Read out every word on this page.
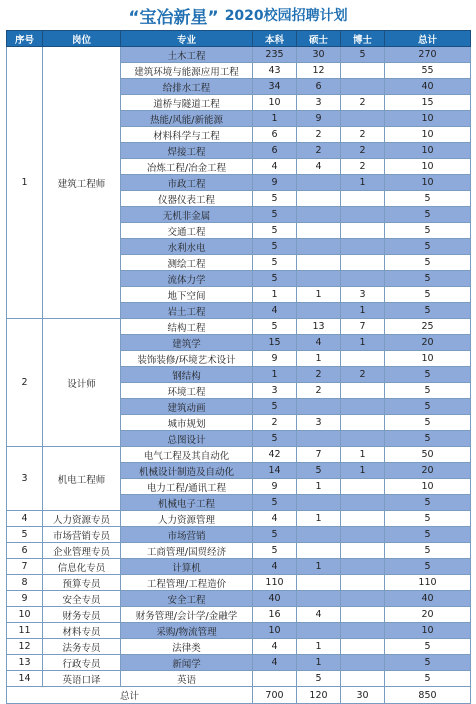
“宝冶新星” 2020校园招聘计划
序号	岗位	专业	本科	硕士	博士	总计
1	建筑工程师	土木工程	235	30	5	270
		建筑环境与能源应用工程	43	12		55
		给排水工程	34	6		40
		道桥与隧道工程	10	3	2	15
		热能/风能/新能源	1	9		10
		材料科学与工程	6	2	2	10
		焊接工程	6	2	2	10
		冶炼工程/冶金工程	4	4	2	10
		市政工程	9		1	10
		仪器仪表工程	5			5
		无机非金属	5			5
		交通工程	5			5
		水利水电	5			5
		测绘工程	5			5
		流体力学	5			5
		地下空间	1	1	3	5
		岩土工程	4		1	5
2	设计师	结构工程	5	13	7	25
		建筑学	15	4	1	20
		装饰装修/环境艺术设计	9	1		10
		钢结构	1	2	2	5
		环境工程	3	2		5
		建筑动画	5			5
		城市规划	2	3		5
		总图设计	5			5
3	机电工程师	电气工程及其自动化	42	7	1	50
		机械设计制造及自动化	14	5	1	20
		电力工程/通讯工程	9	1		10
		机械电子工程	5			5
4	人力资源专员	人力资源管理	4	1		5
5	市场营销专员	市场营销	5			5
6	企业管理专员	工商管理/国贸经济	5			5
7	信息化专员	计算机	4	1		5
8	预算专员	工程管理/工程造价	110			110
9	安全专员	安全工程	40			40
10	财务专员	财务管理/会计学/金融学	16	4		20
11	材料专员	采购/物流管理	10			10
12	法务专员	法律类	4	1		5
13	行政专员	新闻学	4	1		5
14	英语口译	英语		5		5
总计			700	120	30	850
